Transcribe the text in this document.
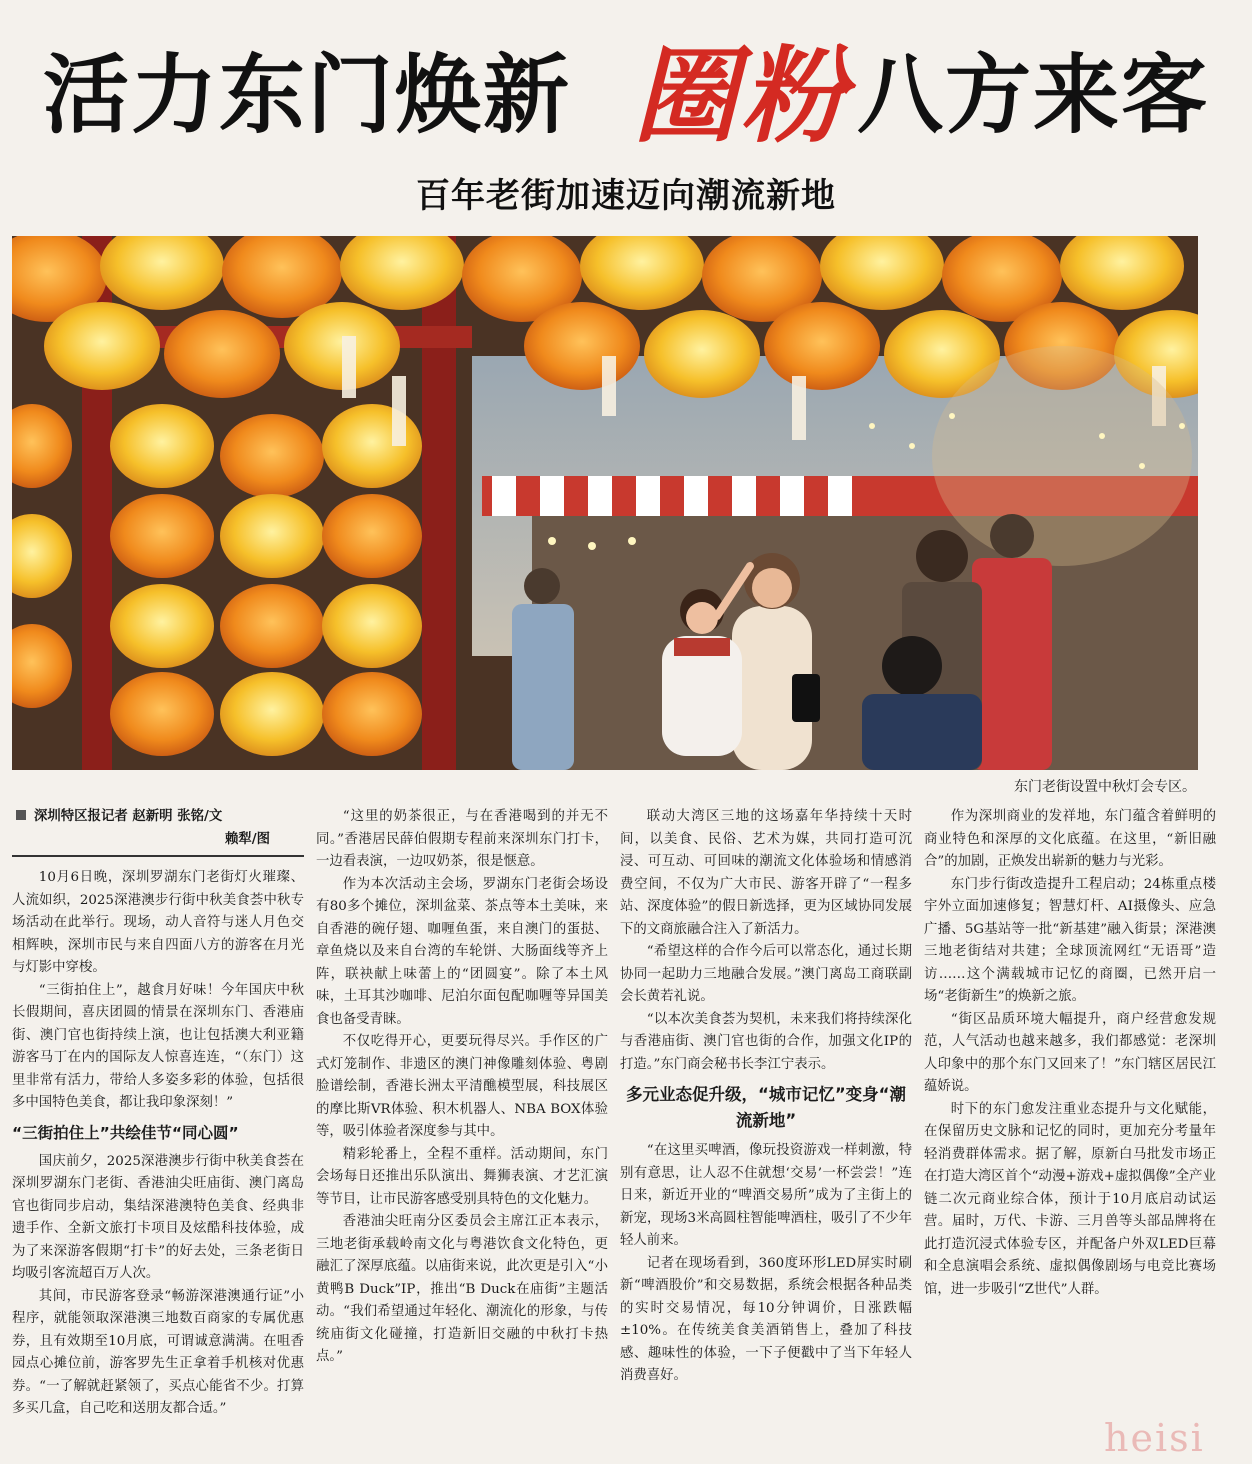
活力东门焕新 圈粉八方来客
百年老街加速迈向潮流新地
东门老街设置中秋灯会专区。

深圳特区报记者 赵新明 张铭/文

赖犁/图

10月6日晚，深圳罗湖东门老街灯火璀璨、人流如织，2025深港澳步行街中秋美食荟中秋专场活动在此举行。现场，动人音符与迷人月色交相辉映，深圳市民与来自四面八方的游客在月光与灯影中穿梭。

“三街拍住上”，越食月好味！今年国庆中秋长假期间，喜庆团圆的情景在深圳东门、香港庙街、澳门官也街持续上演，也让包括澳大利亚籍游客马丁在内的国际友人惊喜连连，“（东门）这里非常有活力，带给人多姿多彩的体验，包括很多中国特色美食，都让我印象深刻！”

“三街拍住上”共绘佳节“同心圆”

国庆前夕，2025深港澳步行街中秋美食荟在深圳罗湖东门老街、香港油尖旺庙街、澳门离岛官也街同步启动，集结深港澳特色美食、经典非遗手作、全新文旅打卡项目及炫酷科技体验，成为了来深游客假期“打卡”的好去处，三条老街日均吸引客流超百万人次。

其间，市民游客登录“畅游深港澳通行证”小程序，就能领取深港澳三地数百商家的专属优惠券，且有效期至10月底，可谓诚意满满。在咀香园点心摊位前，游客罗先生正拿着手机核对优惠券。“一了解就赶紧领了，买点心能省不少。打算多买几盒，自己吃和送朋友都合适。”

“这里的奶茶很正，与在香港喝到的并无不同。”香港居民薛伯假期专程前来深圳东门打卡，一边看表演，一边叹奶茶，很是惬意。

作为本次活动主会场，罗湖东门老街会场设有80多个摊位，深圳盆菜、茶点等本土美味，来自香港的碗仔翅、咖喱鱼蛋，来自澳门的蛋挞、章鱼烧以及来自台湾的车轮饼、大肠面线等齐上阵，联袂献上味蕾上的“团圆宴”。除了本土风味，土耳其沙咖啡、尼泊尔面包配咖喱等异国美食也备受青睐。

不仅吃得开心，更要玩得尽兴。手作区的广式灯笼制作、非遗区的澳门神像雕刻体验、粤剧脸谱绘制，香港长洲太平清醮模型展，科技展区的摩比斯VR体验、积木机器人、NBA BOX体验等，吸引体验者深度参与其中。

精彩轮番上，全程不重样。活动期间，东门会场每日还推出乐队演出、舞狮表演、才艺汇演等节目，让市民游客感受别具特色的文化魅力。

香港油尖旺南分区委员会主席江正本表示，三地老街承载岭南文化与粤港饮食文化特色，更融汇了深厚底蕴。以庙街来说，此次更是引入“小黄鸭B Duck”IP，推出“B Duck在庙街”主题活动。“我们希望通过年轻化、潮流化的形象，与传统庙街文化碰撞，打造新旧交融的中秋打卡热点。”

联动大湾区三地的这场嘉年华持续十天时间，以美食、民俗、艺术为媒，共同打造可沉浸、可互动、可回味的潮流文化体验场和情感消费空间，不仅为广大市民、游客开辟了“一程多站、深度体验”的假日新选择，更为区域协同发展下的文商旅融合注入了新活力。

“希望这样的合作今后可以常态化，通过长期协同一起助力三地融合发展。”澳门离岛工商联副会长黄若礼说。

“以本次美食荟为契机，未来我们将持续深化与香港庙街、澳门官也街的合作，加强文化IP的打造。”东门商会秘书长李江宁表示。

多元业态促升级，“城市记忆”变身“潮流新地”

“在这里买啤酒，像玩投资游戏一样刺激，特别有意思，让人忍不住就想‘交易’一杯尝尝！”连日来，新近开业的“啤酒交易所”成为了主街上的新宠，现场3米高圆柱智能啤酒柱，吸引了不少年轻人前来。

记者在现场看到，360度环形LED屏实时刷新“啤酒股价”和交易数据，系统会根据各种品类的实时交易情况，每10分钟调价，日涨跌幅±10%。在传统美食美酒销售上，叠加了科技感、趣味性的体验，一下子便戳中了当下年轻人消费喜好。

作为深圳商业的发祥地，东门蕴含着鲜明的商业特色和深厚的文化底蕴。在这里，“新旧融合”的加剧，正焕发出崭新的魅力与光彩。

东门步行街改造提升工程启动；24栋重点楼宇外立面加速修复；智慧灯杆、AI摄像头、应急广播、5G基站等一批“新基建”融入街景；深港澳三地老街结对共建；全球顶流网红“无语哥”造访……这个满载城市记忆的商圈，已然开启一场“老街新生”的焕新之旅。

“街区品质环境大幅提升，商户经营愈发规范，人气活动也越来越多，我们都感觉：老深圳人印象中的那个东门又回来了！”东门辖区居民江蕴娇说。

时下的东门愈发注重业态提升与文化赋能，在保留历史文脉和记忆的同时，更加充分考量年轻消费群体需求。据了解，原新白马批发市场正在打造大湾区首个“动漫+游戏+虚拟偶像”全产业链二次元商业综合体，预计于10月底启动试运营。届时，万代、卡游、三月兽等头部品牌将在此打造沉浸式体验专区，并配备户外双LED巨幕和全息演唱会系统、虚拟偶像剧场与电竞比赛场馆，进一步吸引“Z世代”人群。

heisi
